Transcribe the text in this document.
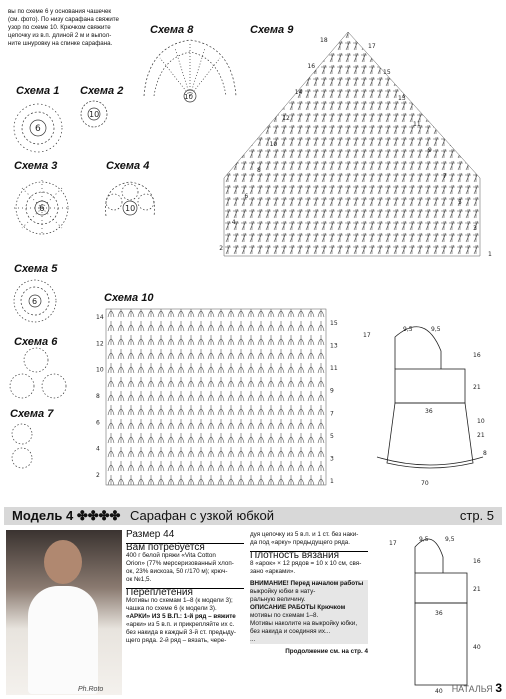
вы по схеме 6 у основания чашечек
(см. фото). По низу сарафана свяжите
узор по схеме 10. Крючком свяжите
цепочку из в.п. длиной 2 м и выпол-
ните шнуровку на спинке сарафана.
Схема 1 Схема 2
Схема 3	Схема 4
Схема 5
Схема 6
Схема 7
Схема 8	Схема 9
Схема 10
6
10
6	10
6
10
18
16
14
12
10
8
6
4
2
17
15
13
11
9
7
5
3
1
14
12
10
8
6
4
2
15
13
11
9
7
5
3
1
17
9,5	9,5
16
21
36
10
21
8
70
Модель 4 ✤✤✤✤ Сарафан с узкой юбкой	стр. 5
Ph.Roto

Размер 44

Вам потребуется

400 г белой пряжи «Vita Cotton

Orion» (77% мерсеризованный хлоп-

ок, 23% вискоза, 50 г/170 м); крюч-

ок №1,5.

Переплетения

Мотивы по схемам 1–8 (к модели 3);

чашка по схеме 6 (к модели 3).

«АРКИ» ИЗ 5 В.П.: 1-й ряд – вяжите

«арки» из 5 в.п. и прикрепляйте их с.

без накида в каждый 3-й ст. предыду-

щего ряда. 2-й ряд – вязать, чере-

дуя цепочку из 5 в.п. и 1 ст. без наки-

да под «арку» предыдущего ряда.

Плотность вязания

8 «арок» × 12 рядов = 10 х 10 см, свя-

зано «арками».

ВНИМАНИЕ! Перед началом работы

выкройку юбки в нату-

ральную величину.

ОПИСАНИЕ РАБОТЫ Крючком

мотивы по схемам 1–8.

Мотивы наколите на выкройку юбки,

без накида и соединяя их...

...

Продолжение см. на стр. 4

17
9,5	9,5
16
21
36
40
40 НАТАЛЬЯ 3
